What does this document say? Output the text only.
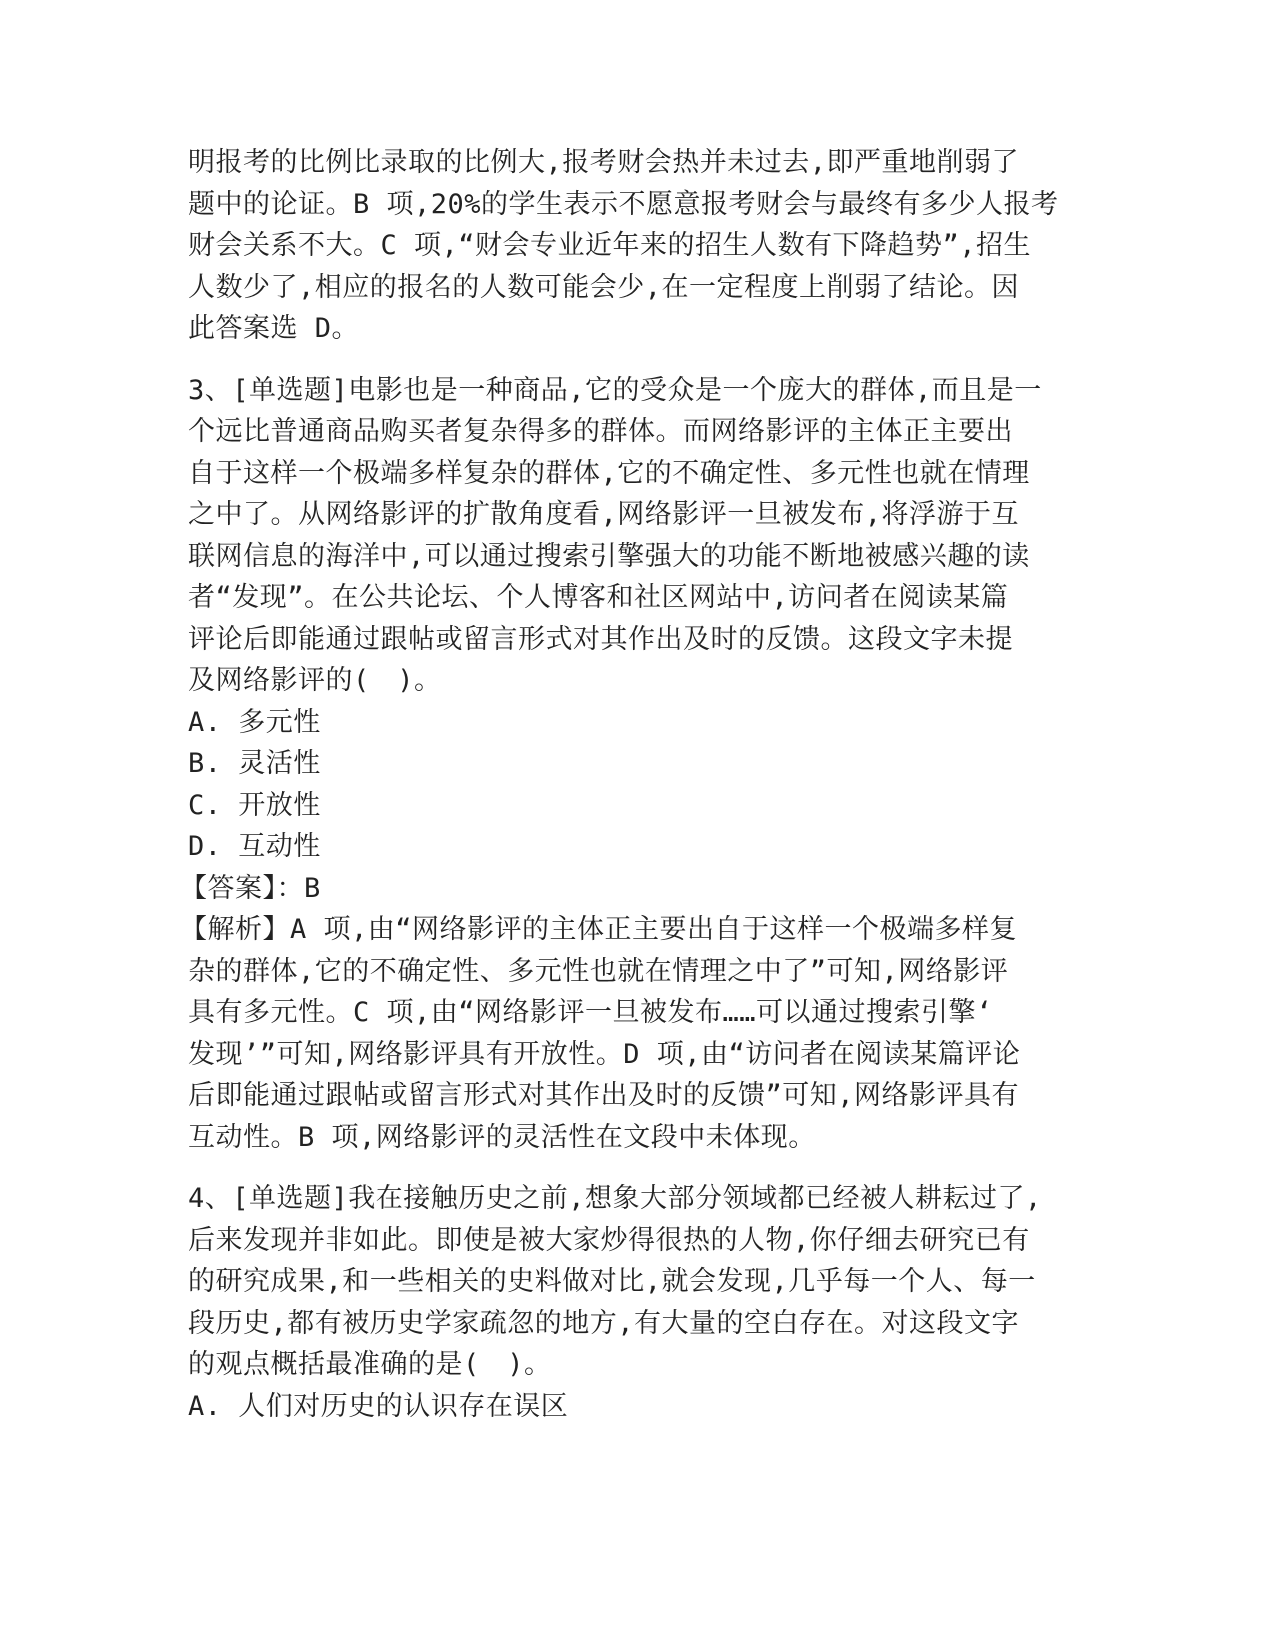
明报考的比例比录取的比例大,报考财会热并未过去,即严重地削弱了
题中的论证。B 项,20%的学生表示不愿意报考财会与最终有多少人报考
财会关系不大。C 项,“财会专业近年来的招生人数有下降趋势”,招生
人数少了,相应的报名的人数可能会少,在一定程度上削弱了结论。因
此答案选 D。
3、[单选题]电影也是一种商品,它的受众是一个庞大的群体,而且是一
个远比普通商品购买者复杂得多的群体。而网络影评的主体正主要出
自于这样一个极端多样复杂的群体,它的不确定性、多元性也就在情理
之中了。从网络影评的扩散角度看,网络影评一旦被发布,将浮游于互
联网信息的海洋中,可以通过搜索引擎强大的功能不断地被感兴趣的读
者“发现”。在公共论坛、个人博客和社区网站中,访问者在阅读某篇
评论后即能通过跟帖或留言形式对其作出及时的反馈。这段文字未提
及网络影评的(　)。
A. 多元性
B. 灵活性
C. 开放性
D. 互动性
【答案】：B
【解析】A 项,由“网络影评的主体正主要出自于这样一个极端多样复
杂的群体,它的不确定性、多元性也就在情理之中了”可知,网络影评
具有多元性。C 项,由“网络影评一旦被发布……可以通过搜索引擎‘
发现’”可知,网络影评具有开放性。D 项,由“访问者在阅读某篇评论
后即能通过跟帖或留言形式对其作出及时的反馈”可知,网络影评具有
互动性。B 项,网络影评的灵活性在文段中未体现。
4、[单选题]我在接触历史之前,想象大部分领域都已经被人耕耘过了,
后来发现并非如此。即使是被大家炒得很热的人物,你仔细去研究已有
的研究成果,和一些相关的史料做对比,就会发现,几乎每一个人、每一
段历史,都有被历史学家疏忽的地方,有大量的空白存在。对这段文字
的观点概括最准确的是(　)。
A. 人们对历史的认识存在误区
